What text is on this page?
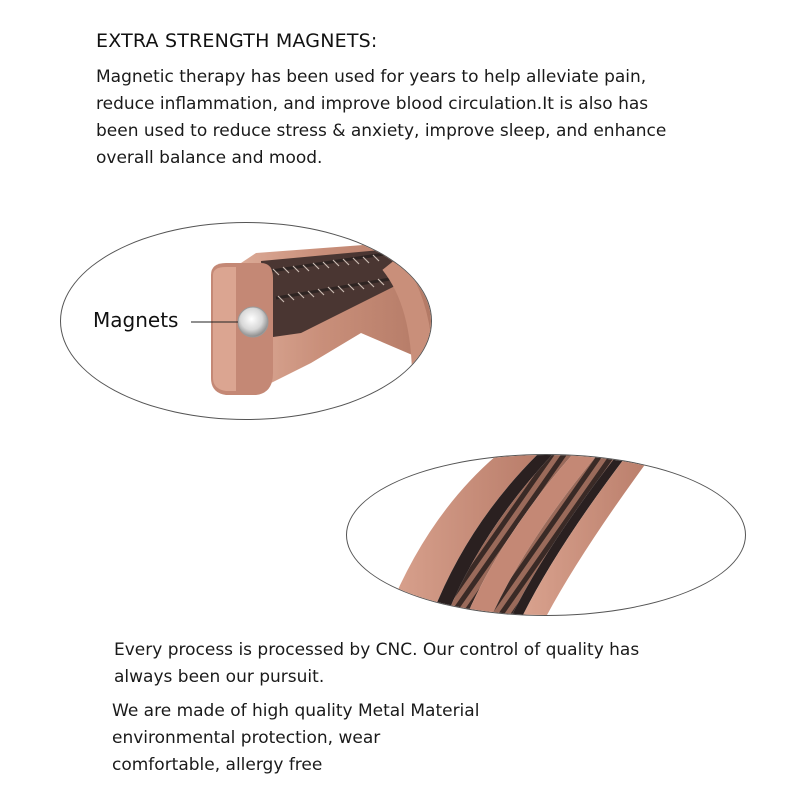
EXTRA STRENGTH MAGNETS:
Magnetic therapy has been used for years to help alleviate pain,
reduce inflammation, and improve blood circulation.It is also has
been used to reduce stress & anxiety, improve sleep, and enhance
overall balance and mood.
Magnets
Every process is processed by CNC. Our control of quality has
always been our pursuit.
We are made of high quality Metal Material
environmental protection, wear
comfortable, allergy free
